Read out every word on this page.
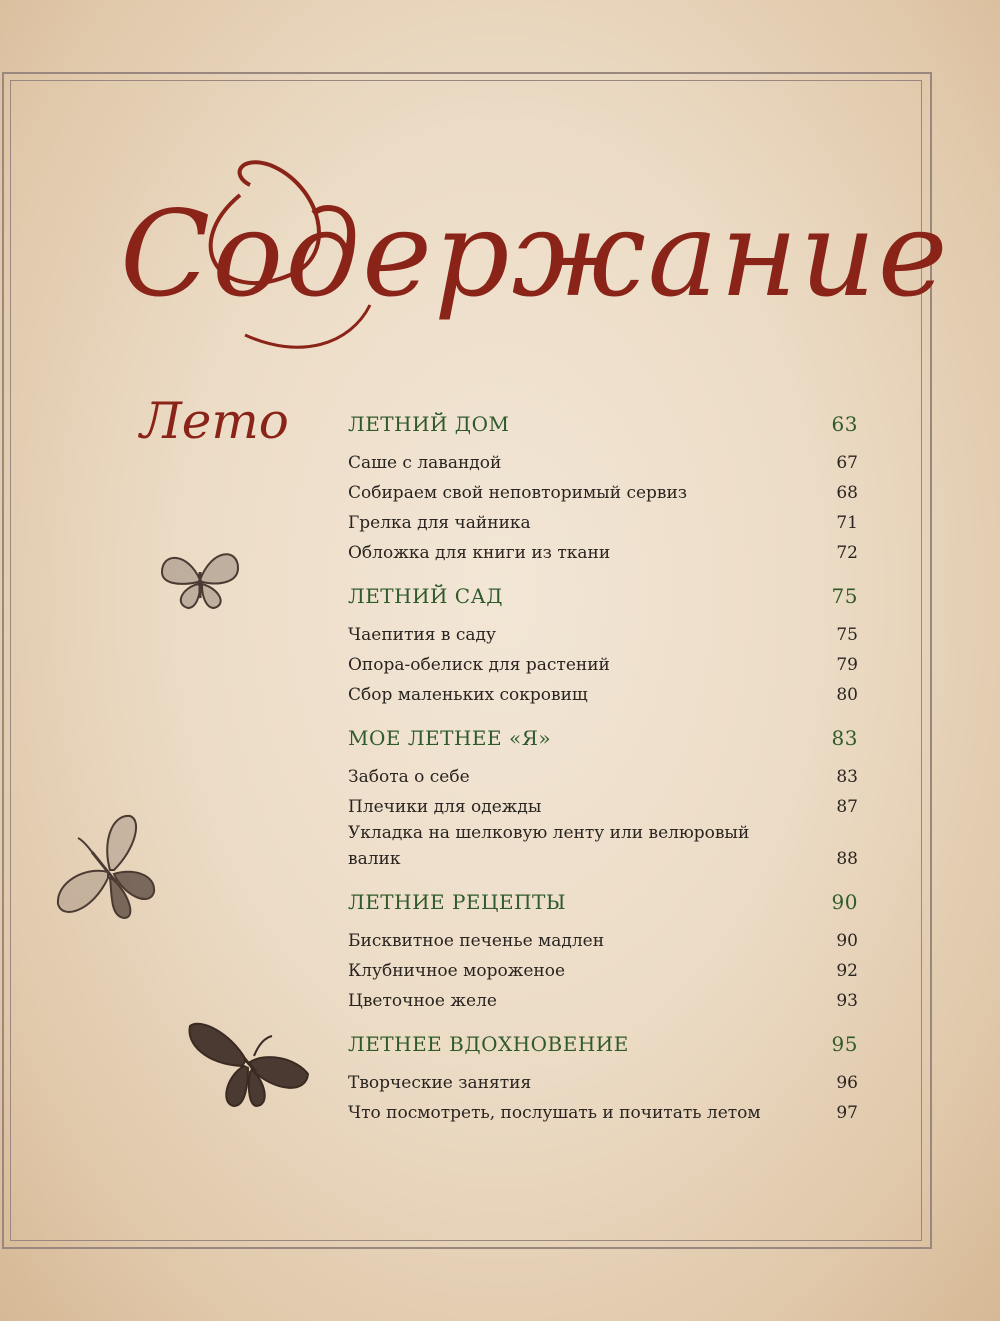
Содержание
Лето	ЛЕТНИЙ ДОМ	63
Саше с лавандой	67
Собираем свой неповторимый сервиз	68
Грелка для чайника	71
Обложка для книги из ткани	72
ЛЕТНИЙ САД	75
Чаепития в саду	75
Опора-обелиск для растений	79
Сбор маленьких сокровищ	80
МОЕ ЛЕТНЕЕ «Я»	83
Забота о себе	83
Плечики для одежды	87
Укладка на шелковую ленту или велюровый валик	88
ЛЕТНИЕ РЕЦЕПТЫ	90
Бисквитное печенье мадлен	90
Клубничное мороженое	92
Цветочное желе	93
ЛЕТНЕЕ ВДОХНОВЕНИЕ	95
Творческие занятия	96
Что посмотреть, послушать и почитать летом	97
